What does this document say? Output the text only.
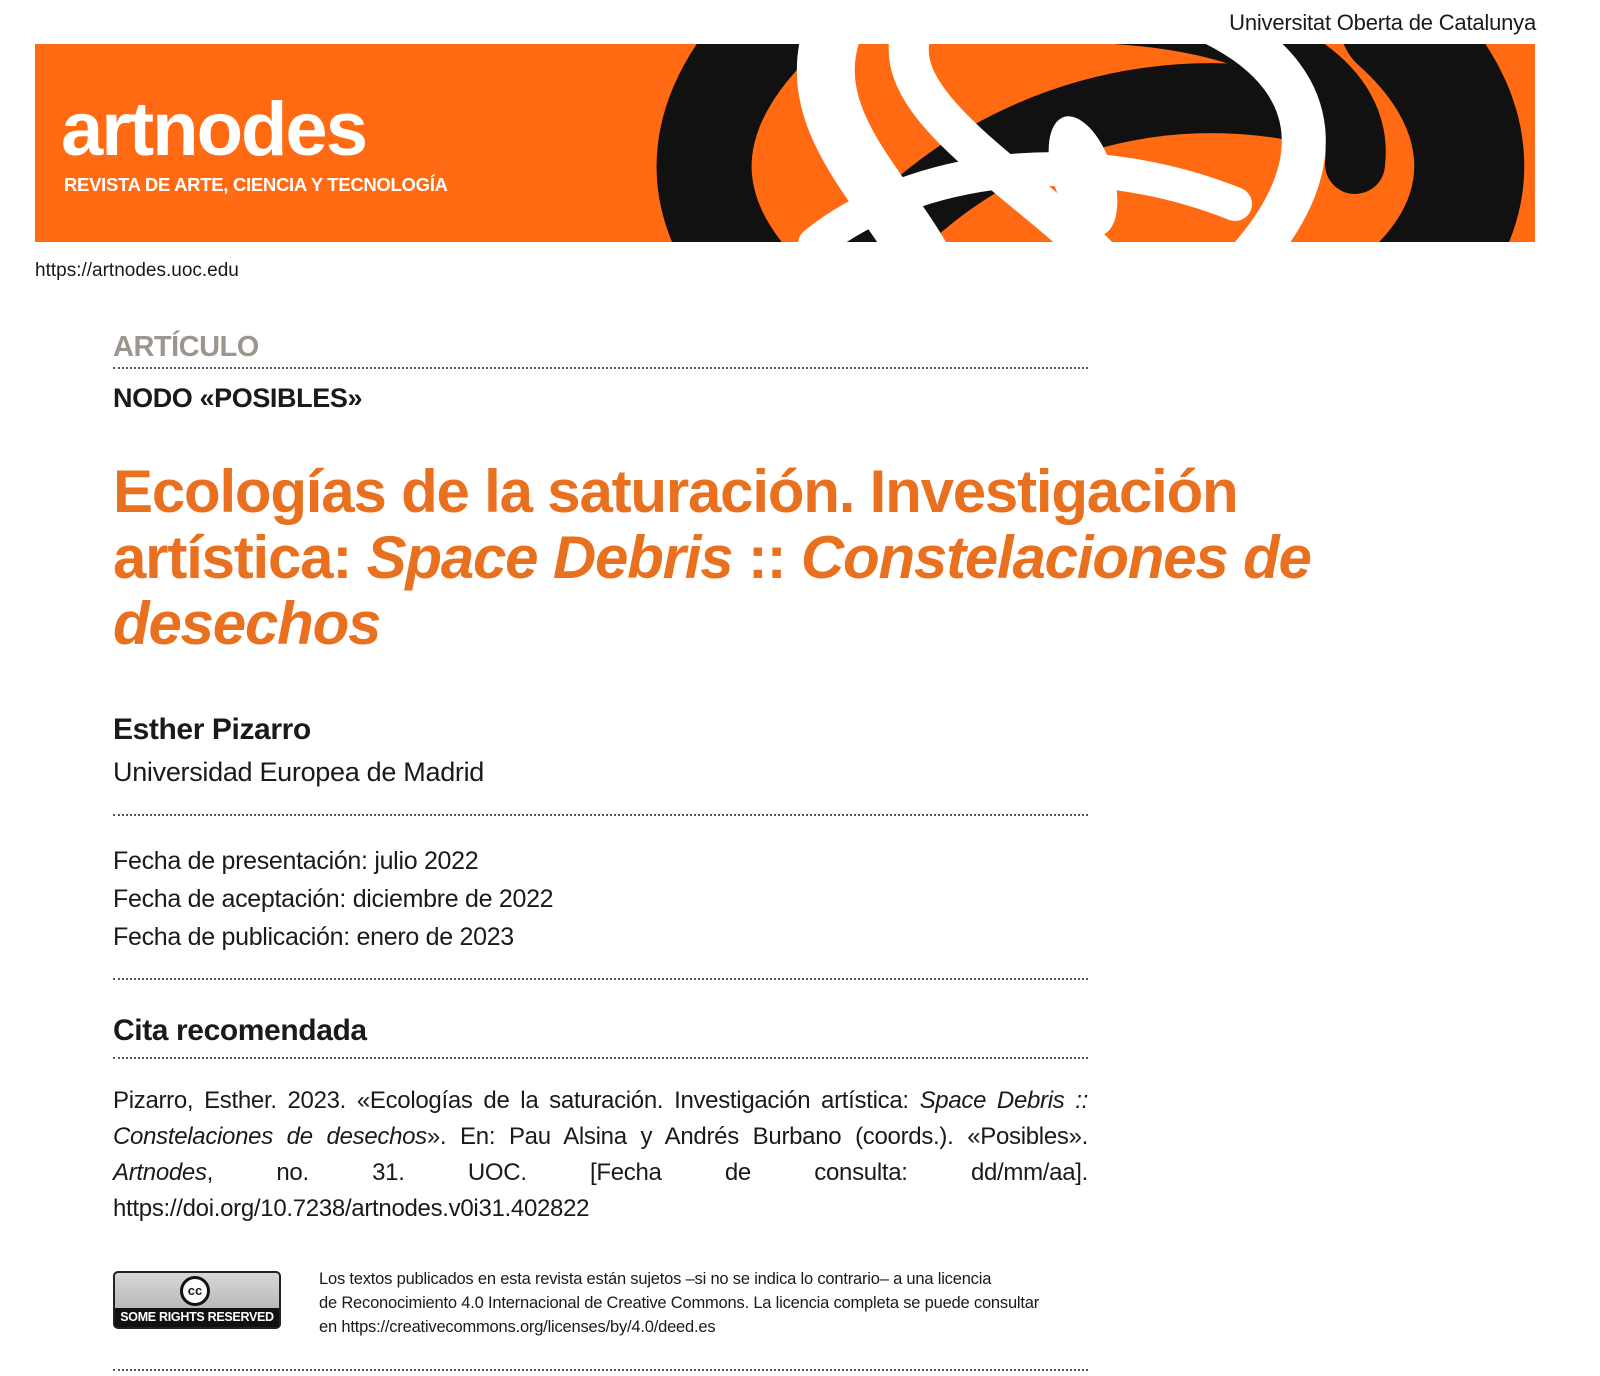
Universitat Oberta de Catalunya
artnodes
REVISTA DE ARTE, CIENCIA Y TECNOLOGÍA
https://artnodes.uoc.edu
ARTÍCULO
NODO «POSIBLES»
Ecologías de la saturación. Investigación artística: Space Debris :: Constelaciones de desechos
Esther Pizarro
Universidad Europea de Madrid
Fecha de presentación: julio 2022
Fecha de aceptación: diciembre de 2022
Fecha de publicación: enero de 2023
Cita recomendada
Pizarro, Esther. 2023. «Ecologías de la saturación. Investigación artística: Space Debris :: Constelaciones de desechos». En: Pau Alsina y Andrés Burbano (coords.). «Posibles». Artnodes, no. 31. UOC. [Fecha de consulta: dd/mm/aa]. https://doi.org/10.7238/artnodes.v0i31.402822
cc
SOME RIGHTS RESERVED
Los textos publicados en esta revista están sujetos –si no se indica lo contrario– a una licencia
de Reconocimiento 4.0 Internacional de Creative Commons. La licencia completa se puede consultar
en https://creativecommons.org/licenses/by/4.0/deed.es
